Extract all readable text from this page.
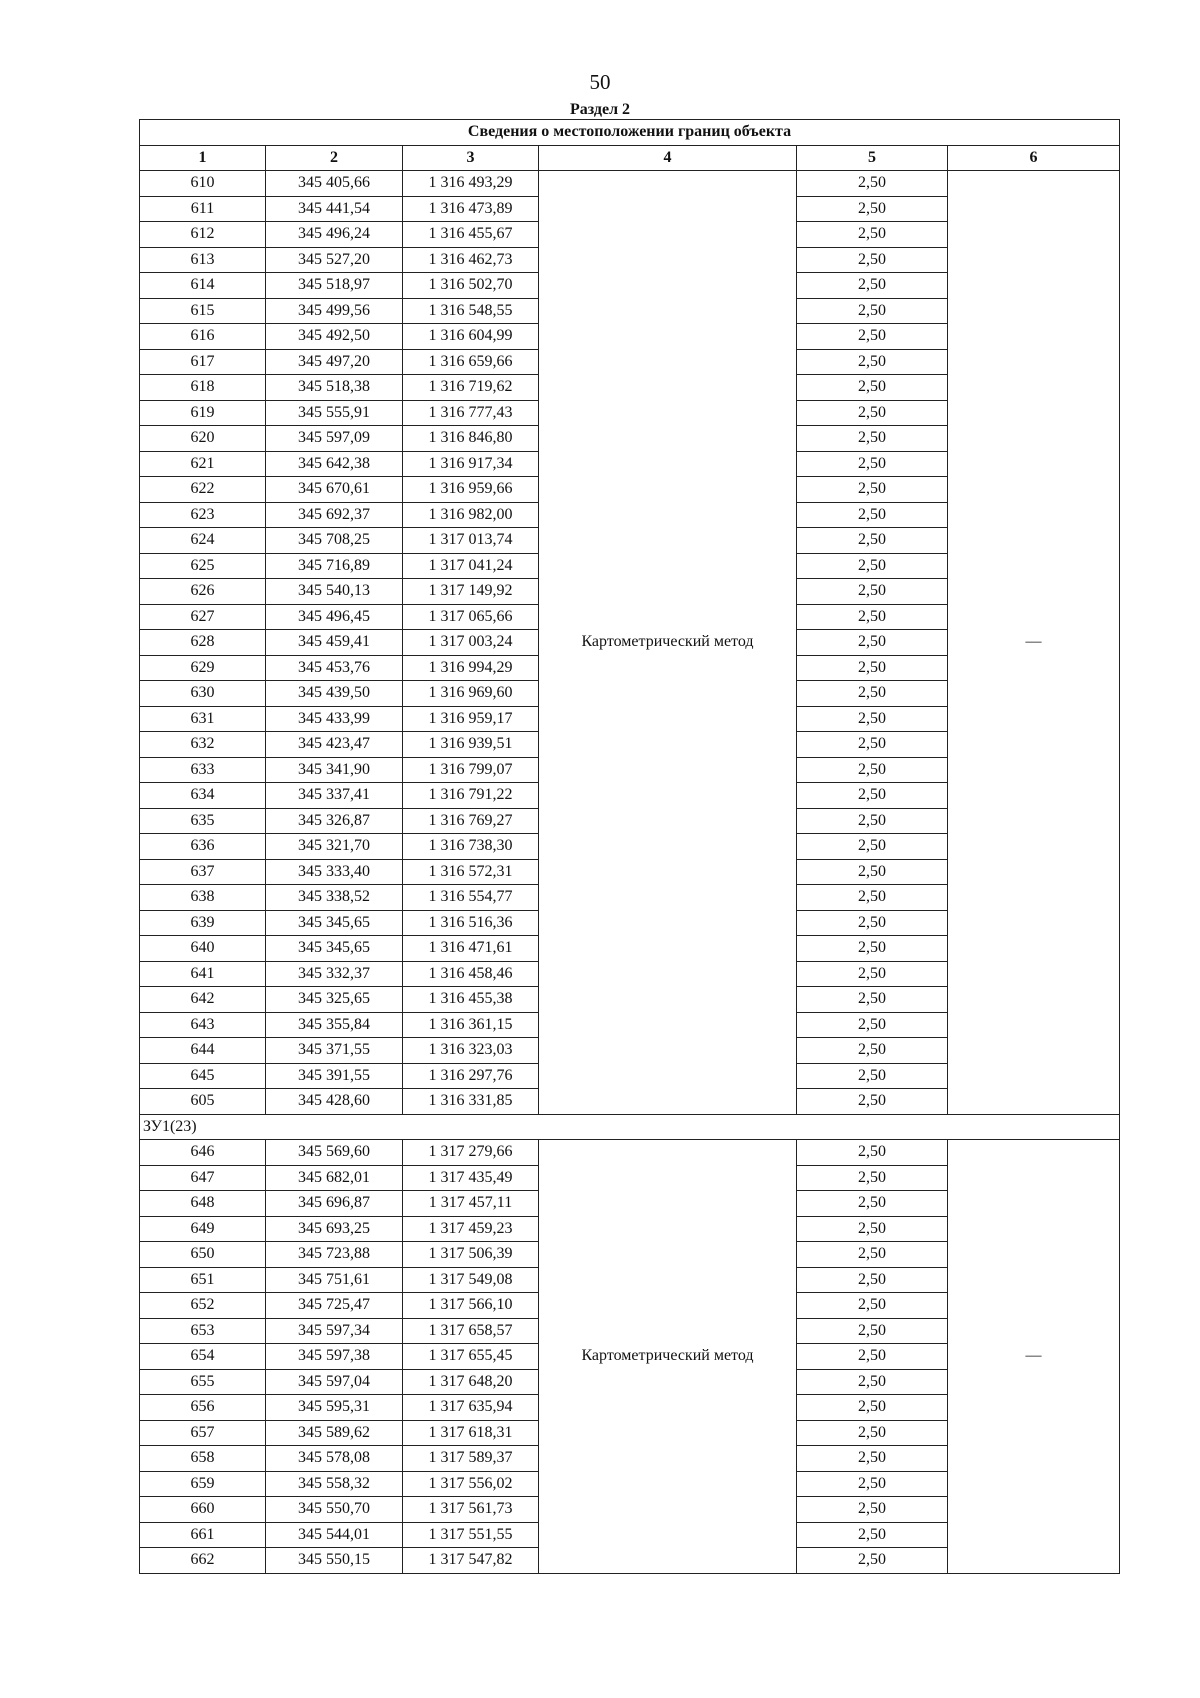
50
Раздел 2
Сведения о местоположении границ объекта					
1	2	3	4	5	6
610	345 405,66	1 316 493,29	Картометрический метод	2,50	—
611	345 441,54	1 316 473,89		2,50	
612	345 496,24	1 316 455,67		2,50	
613	345 527,20	1 316 462,73		2,50	
614	345 518,97	1 316 502,70		2,50	
615	345 499,56	1 316 548,55		2,50	
616	345 492,50	1 316 604,99		2,50	
617	345 497,20	1 316 659,66		2,50	
618	345 518,38	1 316 719,62		2,50	
619	345 555,91	1 316 777,43		2,50	
620	345 597,09	1 316 846,80		2,50	
621	345 642,38	1 316 917,34		2,50	
622	345 670,61	1 316 959,66		2,50	
623	345 692,37	1 316 982,00		2,50	
624	345 708,25	1 317 013,74		2,50	
625	345 716,89	1 317 041,24		2,50	
626	345 540,13	1 317 149,92		2,50	
627	345 496,45	1 317 065,66		2,50	
628	345 459,41	1 317 003,24		2,50	
629	345 453,76	1 316 994,29		2,50	
630	345 439,50	1 316 969,60		2,50	
631	345 433,99	1 316 959,17		2,50	
632	345 423,47	1 316 939,51		2,50	
633	345 341,90	1 316 799,07		2,50	
634	345 337,41	1 316 791,22		2,50	
635	345 326,87	1 316 769,27		2,50	
636	345 321,70	1 316 738,30		2,50	
637	345 333,40	1 316 572,31		2,50	
638	345 338,52	1 316 554,77		2,50	
639	345 345,65	1 316 516,36		2,50	
640	345 345,65	1 316 471,61		2,50	
641	345 332,37	1 316 458,46		2,50	
642	345 325,65	1 316 455,38		2,50	
643	345 355,84	1 316 361,15		2,50	
644	345 371,55	1 316 323,03		2,50	
645	345 391,55	1 316 297,76		2,50	
605	345 428,60	1 316 331,85		2,50	
ЗУ1(23)					
646	345 569,60	1 317 279,66	Картометрический метод	2,50	—
647	345 682,01	1 317 435,49		2,50	
648	345 696,87	1 317 457,11		2,50	
649	345 693,25	1 317 459,23		2,50	
650	345 723,88	1 317 506,39		2,50	
651	345 751,61	1 317 549,08		2,50	
652	345 725,47	1 317 566,10		2,50	
653	345 597,34	1 317 658,57		2,50	
654	345 597,38	1 317 655,45		2,50	
655	345 597,04	1 317 648,20		2,50	
656	345 595,31	1 317 635,94		2,50	
657	345 589,62	1 317 618,31		2,50	
658	345 578,08	1 317 589,37		2,50	
659	345 558,32	1 317 556,02		2,50	
660	345 550,70	1 317 561,73		2,50	
661	345 544,01	1 317 551,55		2,50	
662	345 550,15	1 317 547,82		2,50	
